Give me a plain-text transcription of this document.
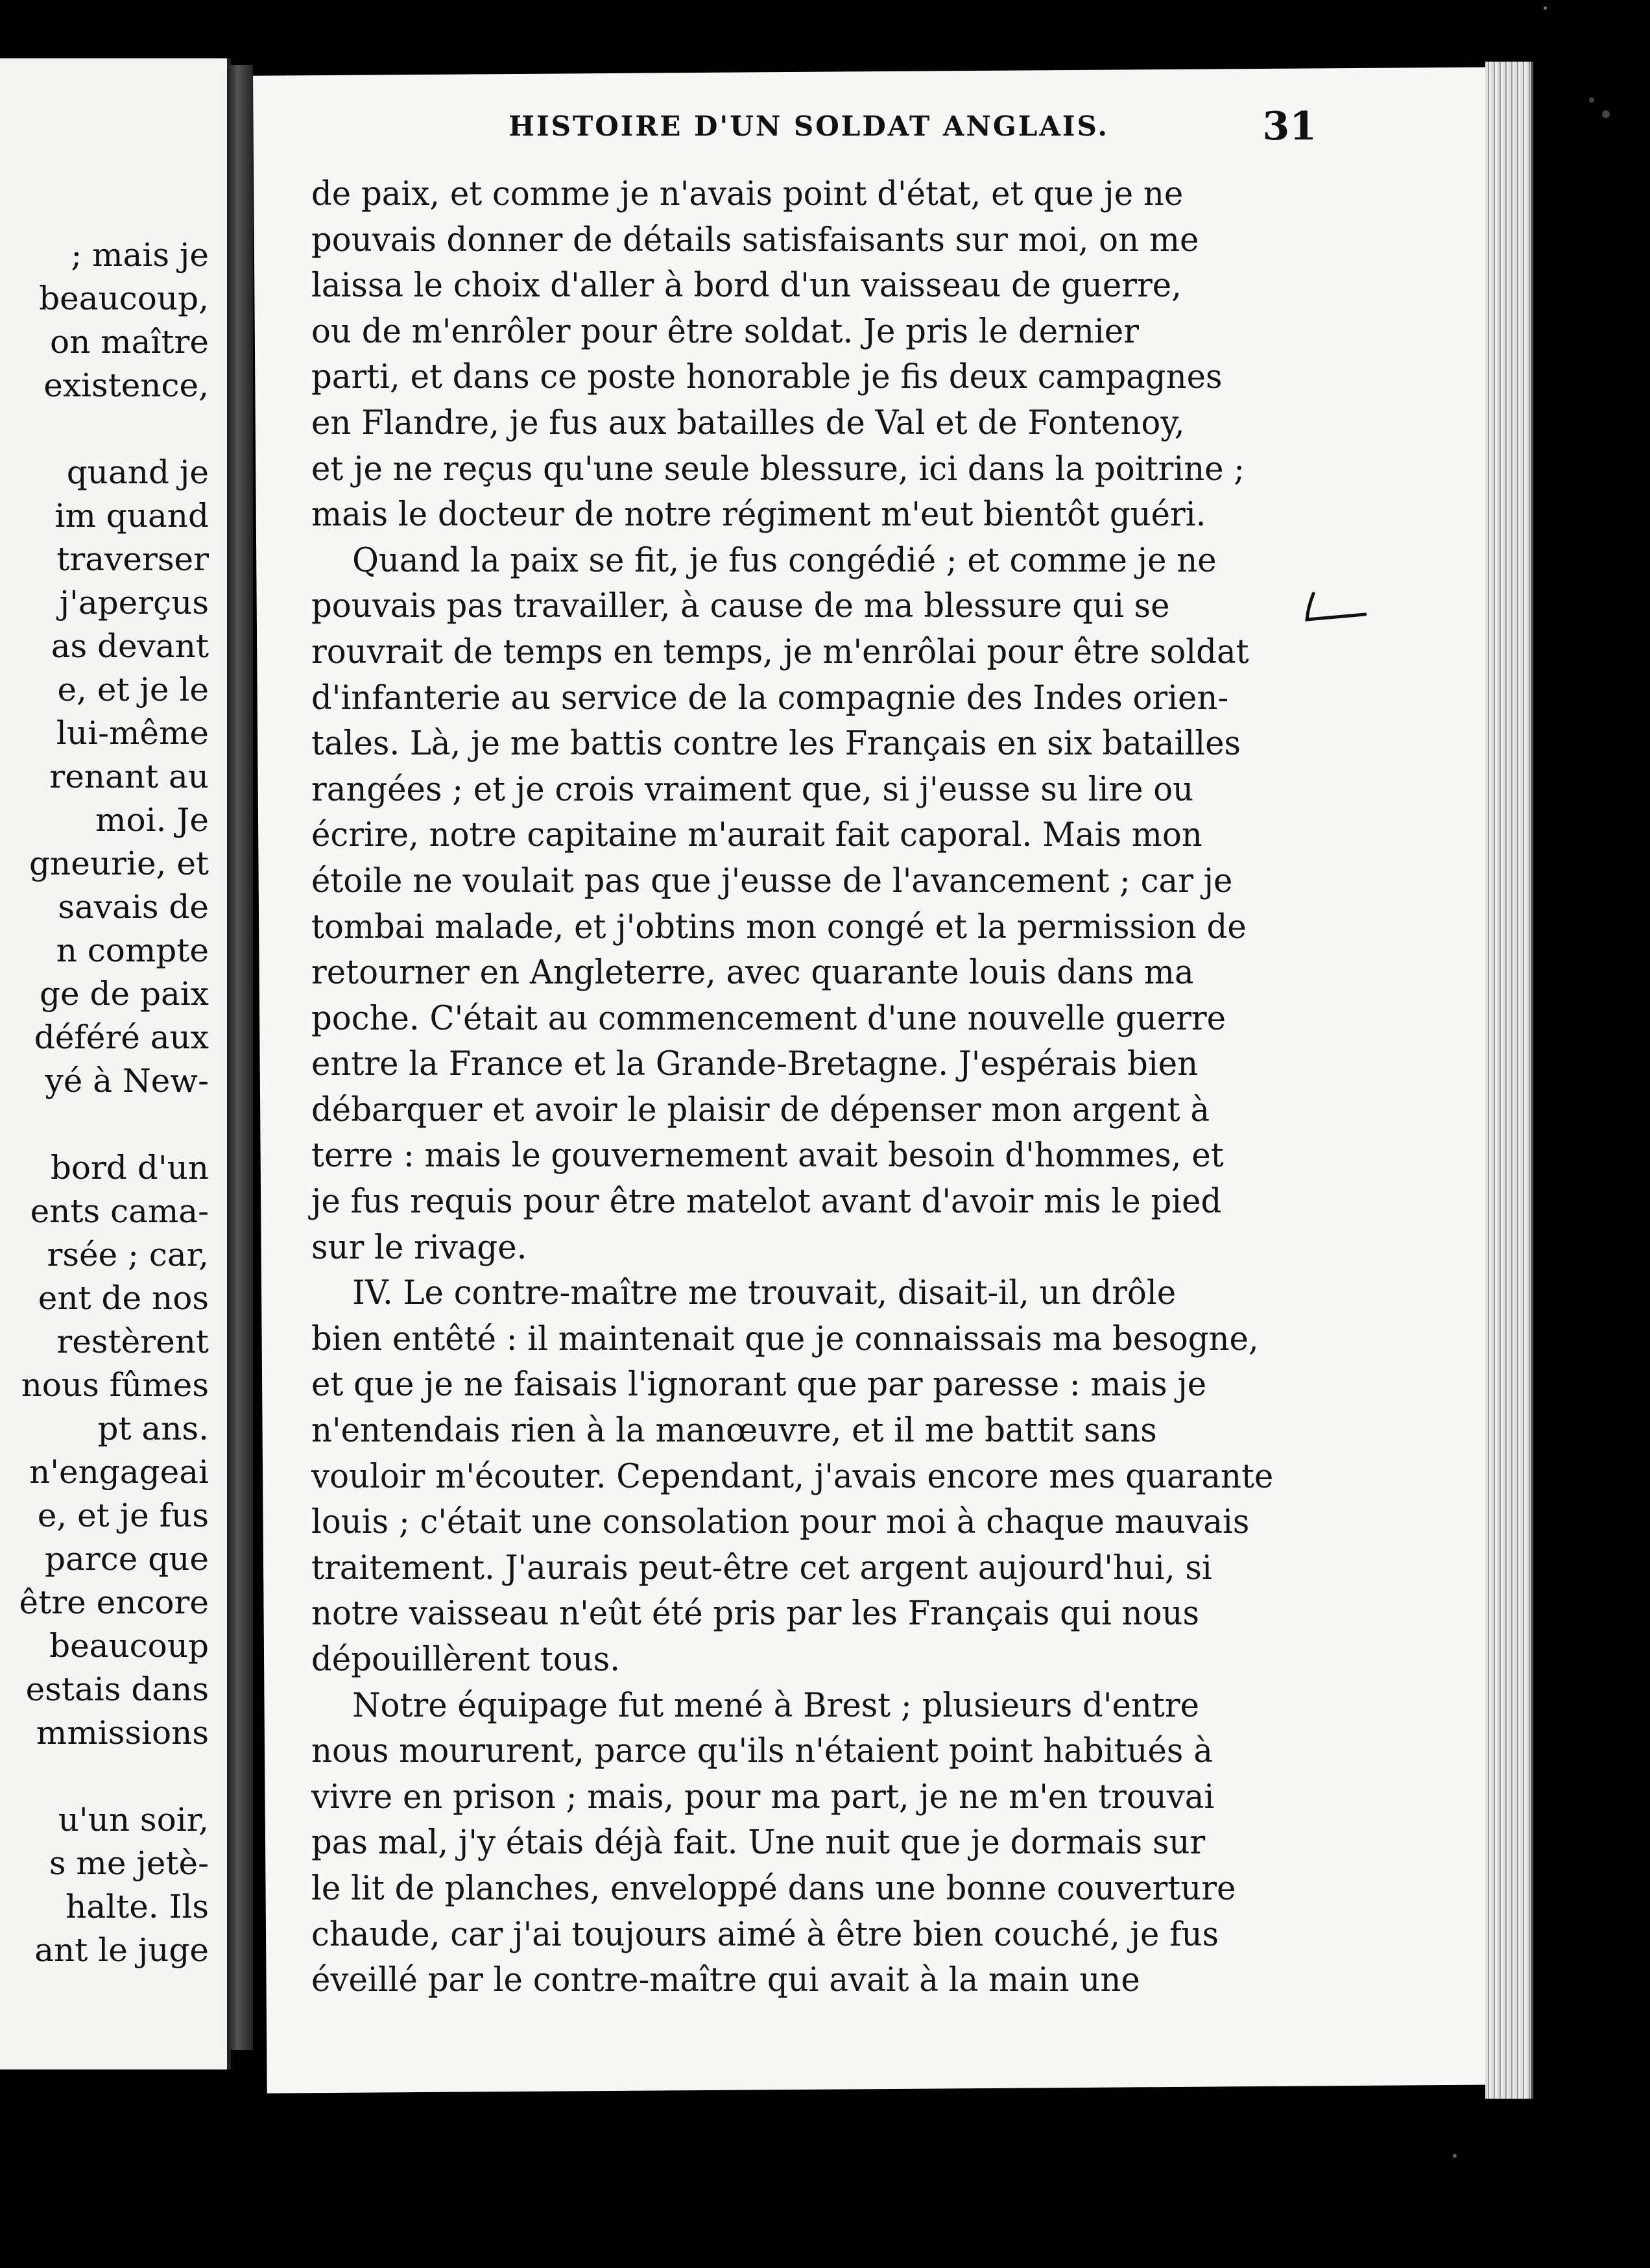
; mais je
beaucoup,
on maître
existence,
quand je
im quand
traverser
j'aperçus
as devant
e, et je le
lui-même
renant au
moi. Je
gneurie, et
savais de
n compte
ge de paix
déféré aux
yé à New-
bord d'un
ents cama-
rsée ; car,
ent de nos
restèrent
nous fûmes
pt ans.
n'engageai
e, et je fus
parce que
être encore
beaucoup
estais dans
mmissions
u'un soir,
s me jetè-
halte. Ils
ant le juge
HISTOIRE D'UN SOLDAT ANGLAIS.	31
de paix, et comme je n'avais point d'état, et que je ne
pouvais donner de détails satisfaisants sur moi, on me
laissa le choix d'aller à bord d'un vaisseau de guerre,
ou de m'enrôler pour être soldat. Je pris le dernier
parti, et dans ce poste honorable je fis deux campagnes
en Flandre, je fus aux batailles de Val et de Fontenoy,
et je ne reçus qu'une seule blessure, ici dans la poitrine ;
mais le docteur de notre régiment m'eut bientôt guéri.
Quand la paix se fit, je fus congédié ; et comme je ne
pouvais pas travailler, à cause de ma blessure qui se
rouvrait de temps en temps, je m'enrôlai pour être soldat
d'infanterie au service de la compagnie des Indes orien-
tales. Là, je me battis contre les Français en six batailles
rangées ; et je crois vraiment que, si j'eusse su lire ou
écrire, notre capitaine m'aurait fait caporal. Mais mon
étoile ne voulait pas que j'eusse de l'avancement ; car je
tombai malade, et j'obtins mon congé et la permission de
retourner en Angleterre, avec quarante louis dans ma
poche. C'était au commencement d'une nouvelle guerre
entre la France et la Grande-Bretagne. J'espérais bien
débarquer et avoir le plaisir de dépenser mon argent à
terre : mais le gouvernement avait besoin d'hommes, et
je fus requis pour être matelot avant d'avoir mis le pied
sur le rivage.
IV. Le contre-maître me trouvait, disait-il, un drôle
bien entêté : il maintenait que je connaissais ma besogne,
et que je ne faisais l'ignorant que par paresse : mais je
n'entendais rien à la manœuvre, et il me battit sans
vouloir m'écouter. Cependant, j'avais encore mes quarante
louis ; c'était une consolation pour moi à chaque mauvais
traitement. J'aurais peut-être cet argent aujourd'hui, si
notre vaisseau n'eût été pris par les Français qui nous
dépouillèrent tous.
Notre équipage fut mené à Brest ; plusieurs d'entre
nous moururent, parce qu'ils n'étaient point habitués à
vivre en prison ; mais, pour ma part, je ne m'en trouvai
pas mal, j'y étais déjà fait. Une nuit que je dormais sur
le lit de planches, enveloppé dans une bonne couverture
chaude, car j'ai toujours aimé à être bien couché, je fus
éveillé par le contre-maître qui avait à la main une
